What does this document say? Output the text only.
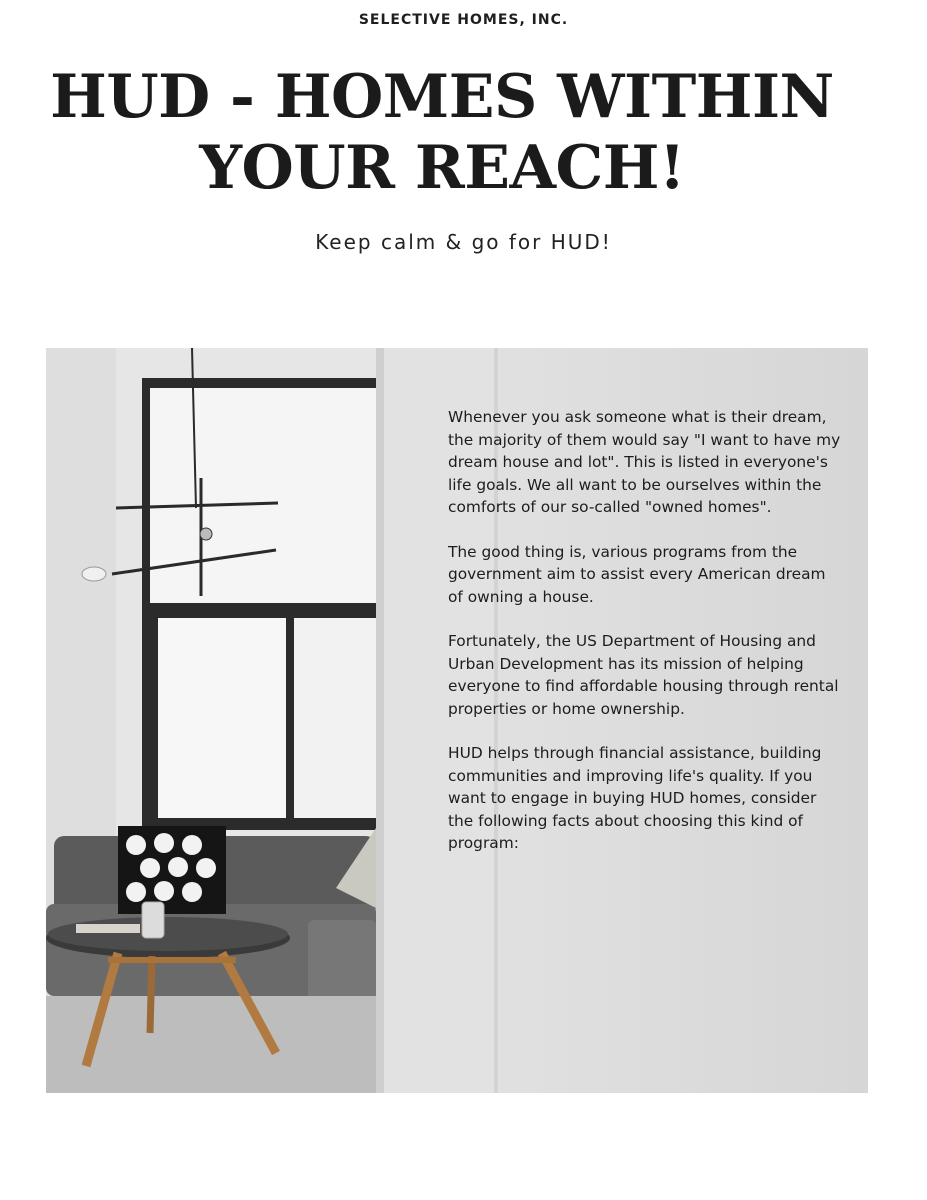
SELECTIVE HOMES, INC.
HUD - HOMES WITHIN
YOUR REACH!
Keep calm & go for HUD!

Whenever you ask someone what is their dream, the majority of them would say "I want to have my dream house and lot". This is listed in everyone's life goals. We all want to be ourselves within the comforts of our so-called "owned homes".

The good thing is, various programs from the government aim to assist every American dream of owning a house.

Fortunately, the US Department of Housing and Urban Development has its mission of helping everyone to find affordable housing through rental properties or home ownership.

HUD helps through financial assistance, building communities and improving life's quality. If you want to engage in buying HUD homes, consider the following facts about choosing this kind of program:
